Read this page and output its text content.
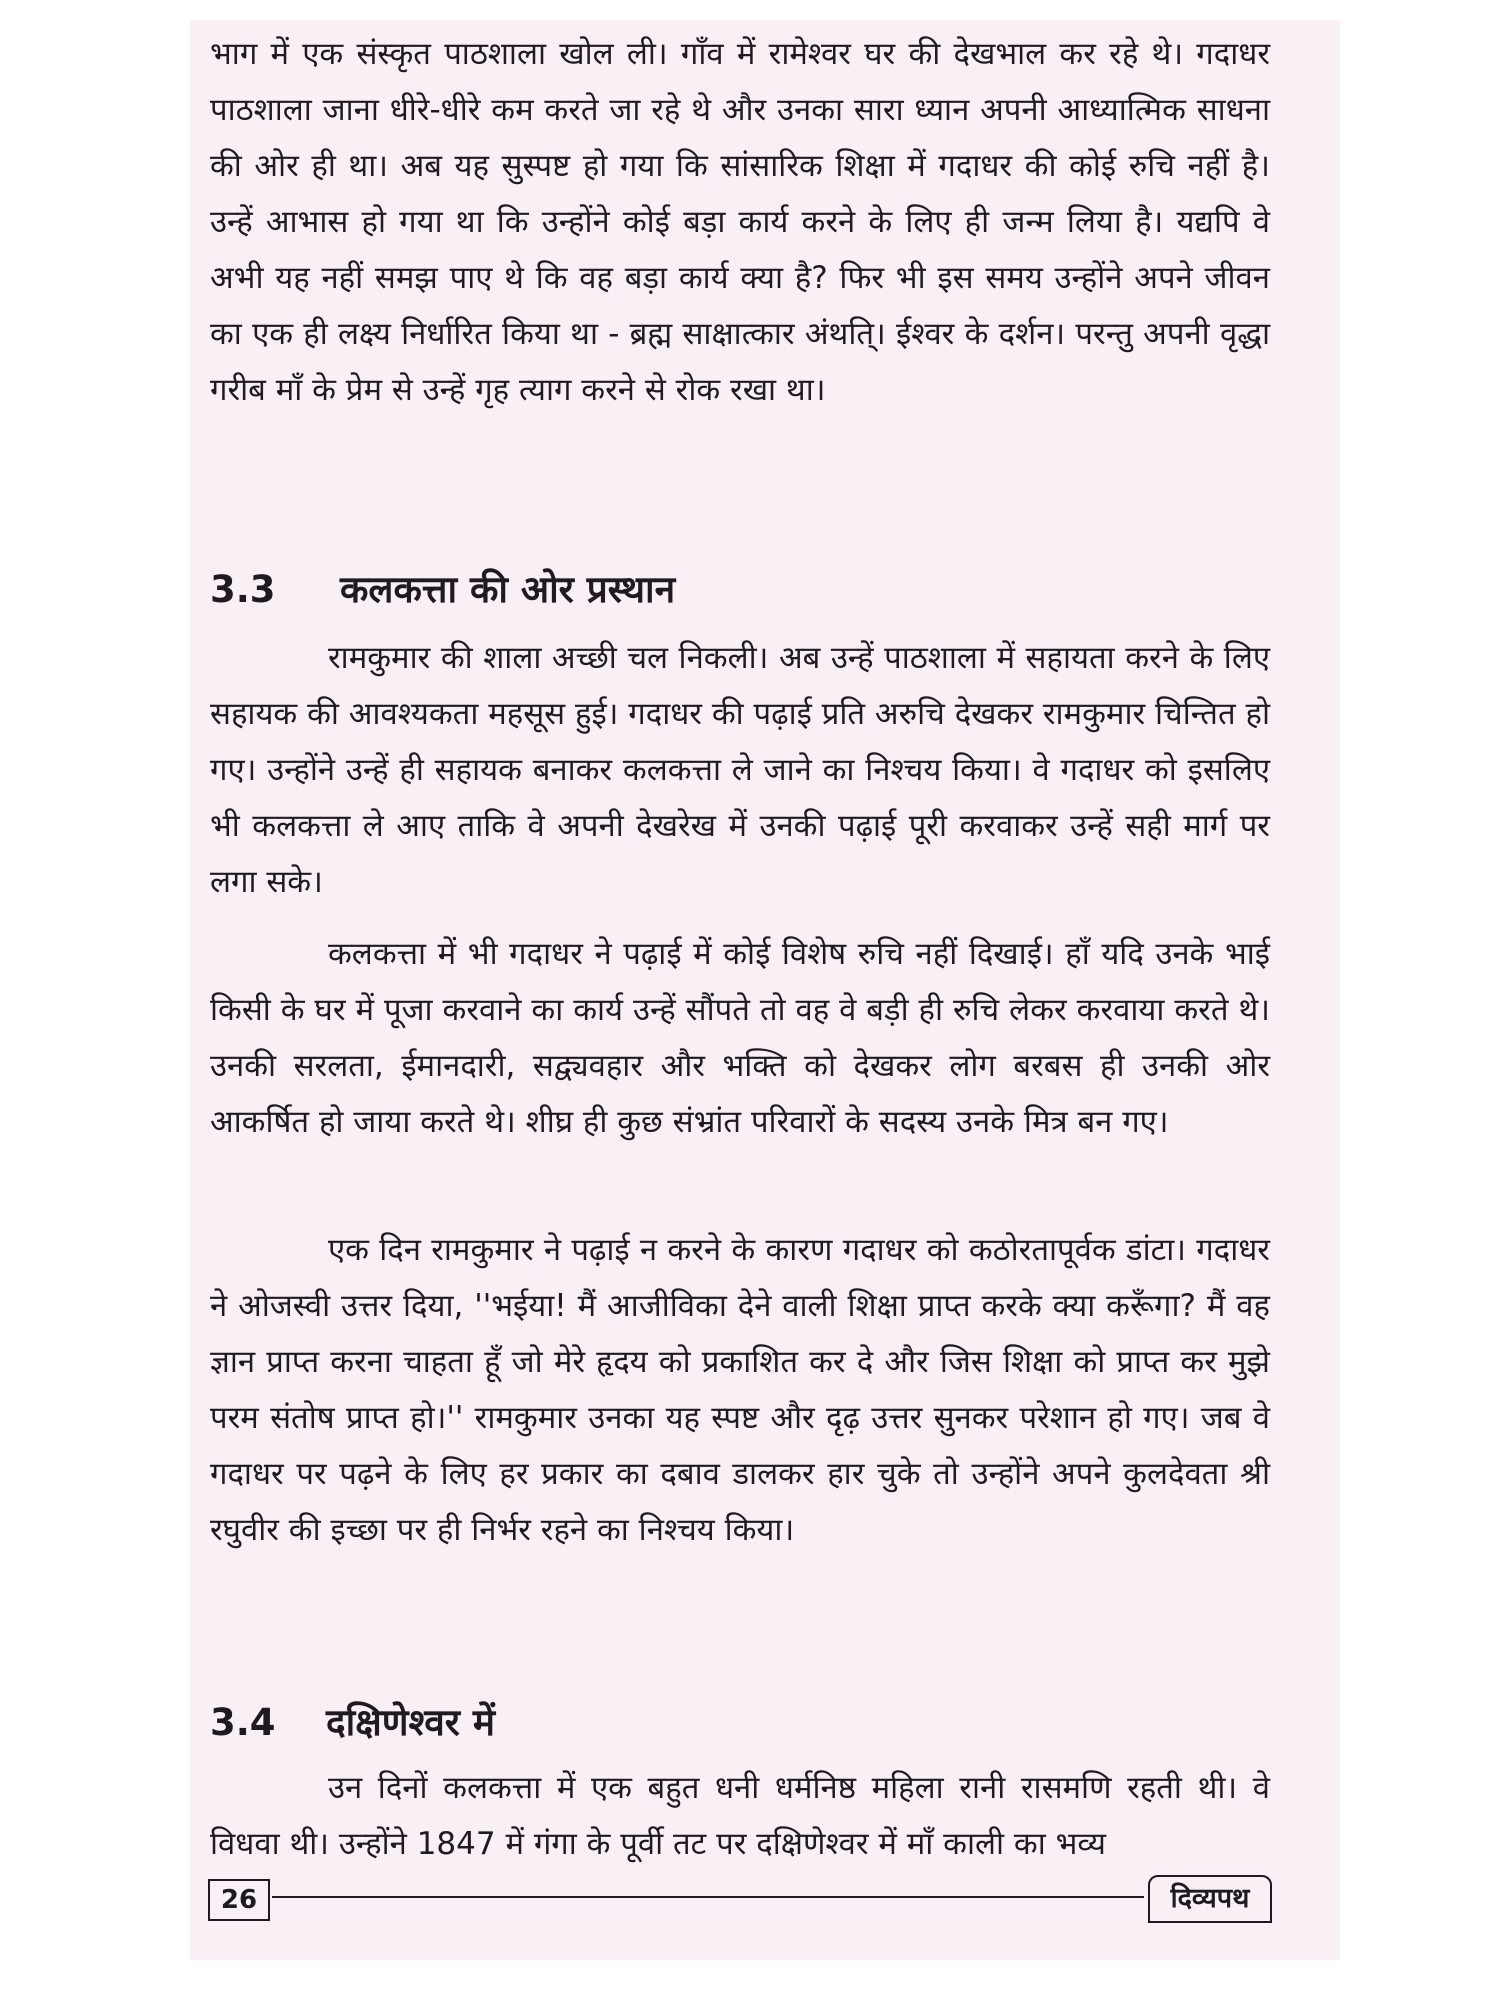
भाग में एक संस्कृत पाठशाला खोल ली। गाँव में रामेश्वर घर की देखभाल कर रहे थे। गदाधर पाठशाला जाना धीरे-धीरे कम करते जा रहे थे और उनका सारा ध्यान अपनी आध्यात्मिक साधना की ओर ही था। अब यह सुस्पष्ट हो गया कि सांसारिक शिक्षा में गदाधर की कोई रुचि नहीं है। उन्हें आभास हो गया था कि उन्होंने कोई बड़ा कार्य करने के लिए ही जन्म लिया है। यद्यपि वे अभी यह नहीं समझ पाए थे कि वह बड़ा कार्य क्या है? फिर भी इस समय उन्होंने अपने जीवन का एक ही लक्ष्य निर्धारित किया था - ब्रह्म साक्षात्कार अंथति्। ईश्वर के दर्शन। परन्तु अपनी वृद्धा गरीब माँ के प्रेम से उन्हें गृह त्याग करने से रोक रखा था।

3.3 कलकत्ता की ओर प्रस्थान

रामकुमार की शाला अच्छी चल निकली। अब उन्हें पाठशाला में सहायता करने के लिए सहायक की आवश्यकता महसूस हुई। गदाधर की पढ़ाई प्रति अरुचि देखकर रामकुमार चिन्तित हो गए। उन्होंने उन्हें ही सहायक बनाकर कलकत्ता ले जाने का निश्चय किया। वे गदाधर को इसलिए भी कलकत्ता ले आए ताकि वे अपनी देखरेख में उनकी पढ़ाई पूरी करवाकर उन्हें सही मार्ग पर लगा सके।

कलकत्ता में भी गदाधर ने पढ़ाई में कोई विशेष रुचि नहीं दिखाई। हाँ यदि उनके भाई किसी के घर में पूजा करवाने का कार्य उन्हें सौंपते तो वह वे बड़ी ही रुचि लेकर करवाया करते थे। उनकी सरलता, ईमानदारी, सद्व्यवहार और भक्ति को देखकर लोग बरबस ही उनकी ओर आकर्षित हो जाया करते थे। शीघ्र ही कुछ संभ्रांत परिवारों के सदस्य उनके मित्र बन गए।

एक दिन रामकुमार ने पढ़ाई न करने के कारण गदाधर को कठोरतापूर्वक डांटा। गदाधर ने ओजस्वी उत्तर दिया, ''भईया! मैं आजीविका देने वाली शिक्षा प्राप्त करके क्या करूँगा? मैं वह ज्ञान प्राप्त करना चाहता हूँ जो मेरे हृदय को प्रकाशित कर दे और जिस शिक्षा को प्राप्त कर मुझे परम संतोष प्राप्त हो।'' रामकुमार उनका यह स्पष्ट और दृढ़ उत्तर सुनकर परेशान हो गए। जब वे गदाधर पर पढ़ने के लिए हर प्रकार का दबाव डालकर हार चुके तो उन्होंने अपने कुलदेवता श्री रघुवीर की इच्छा पर ही निर्भर रहने का निश्चय किया।

3.4 दक्षिणेश्वर में

उन दिनों कलकत्ता में एक बहुत धनी धर्मनिष्ठ महिला रानी रासमणि रहती थी। वे विधवा थी। उन्होंने 1847 में गंगा के पूर्वी तट पर दक्षिणेश्वर में माँ काली का भव्य

26	दिव्यपथ
